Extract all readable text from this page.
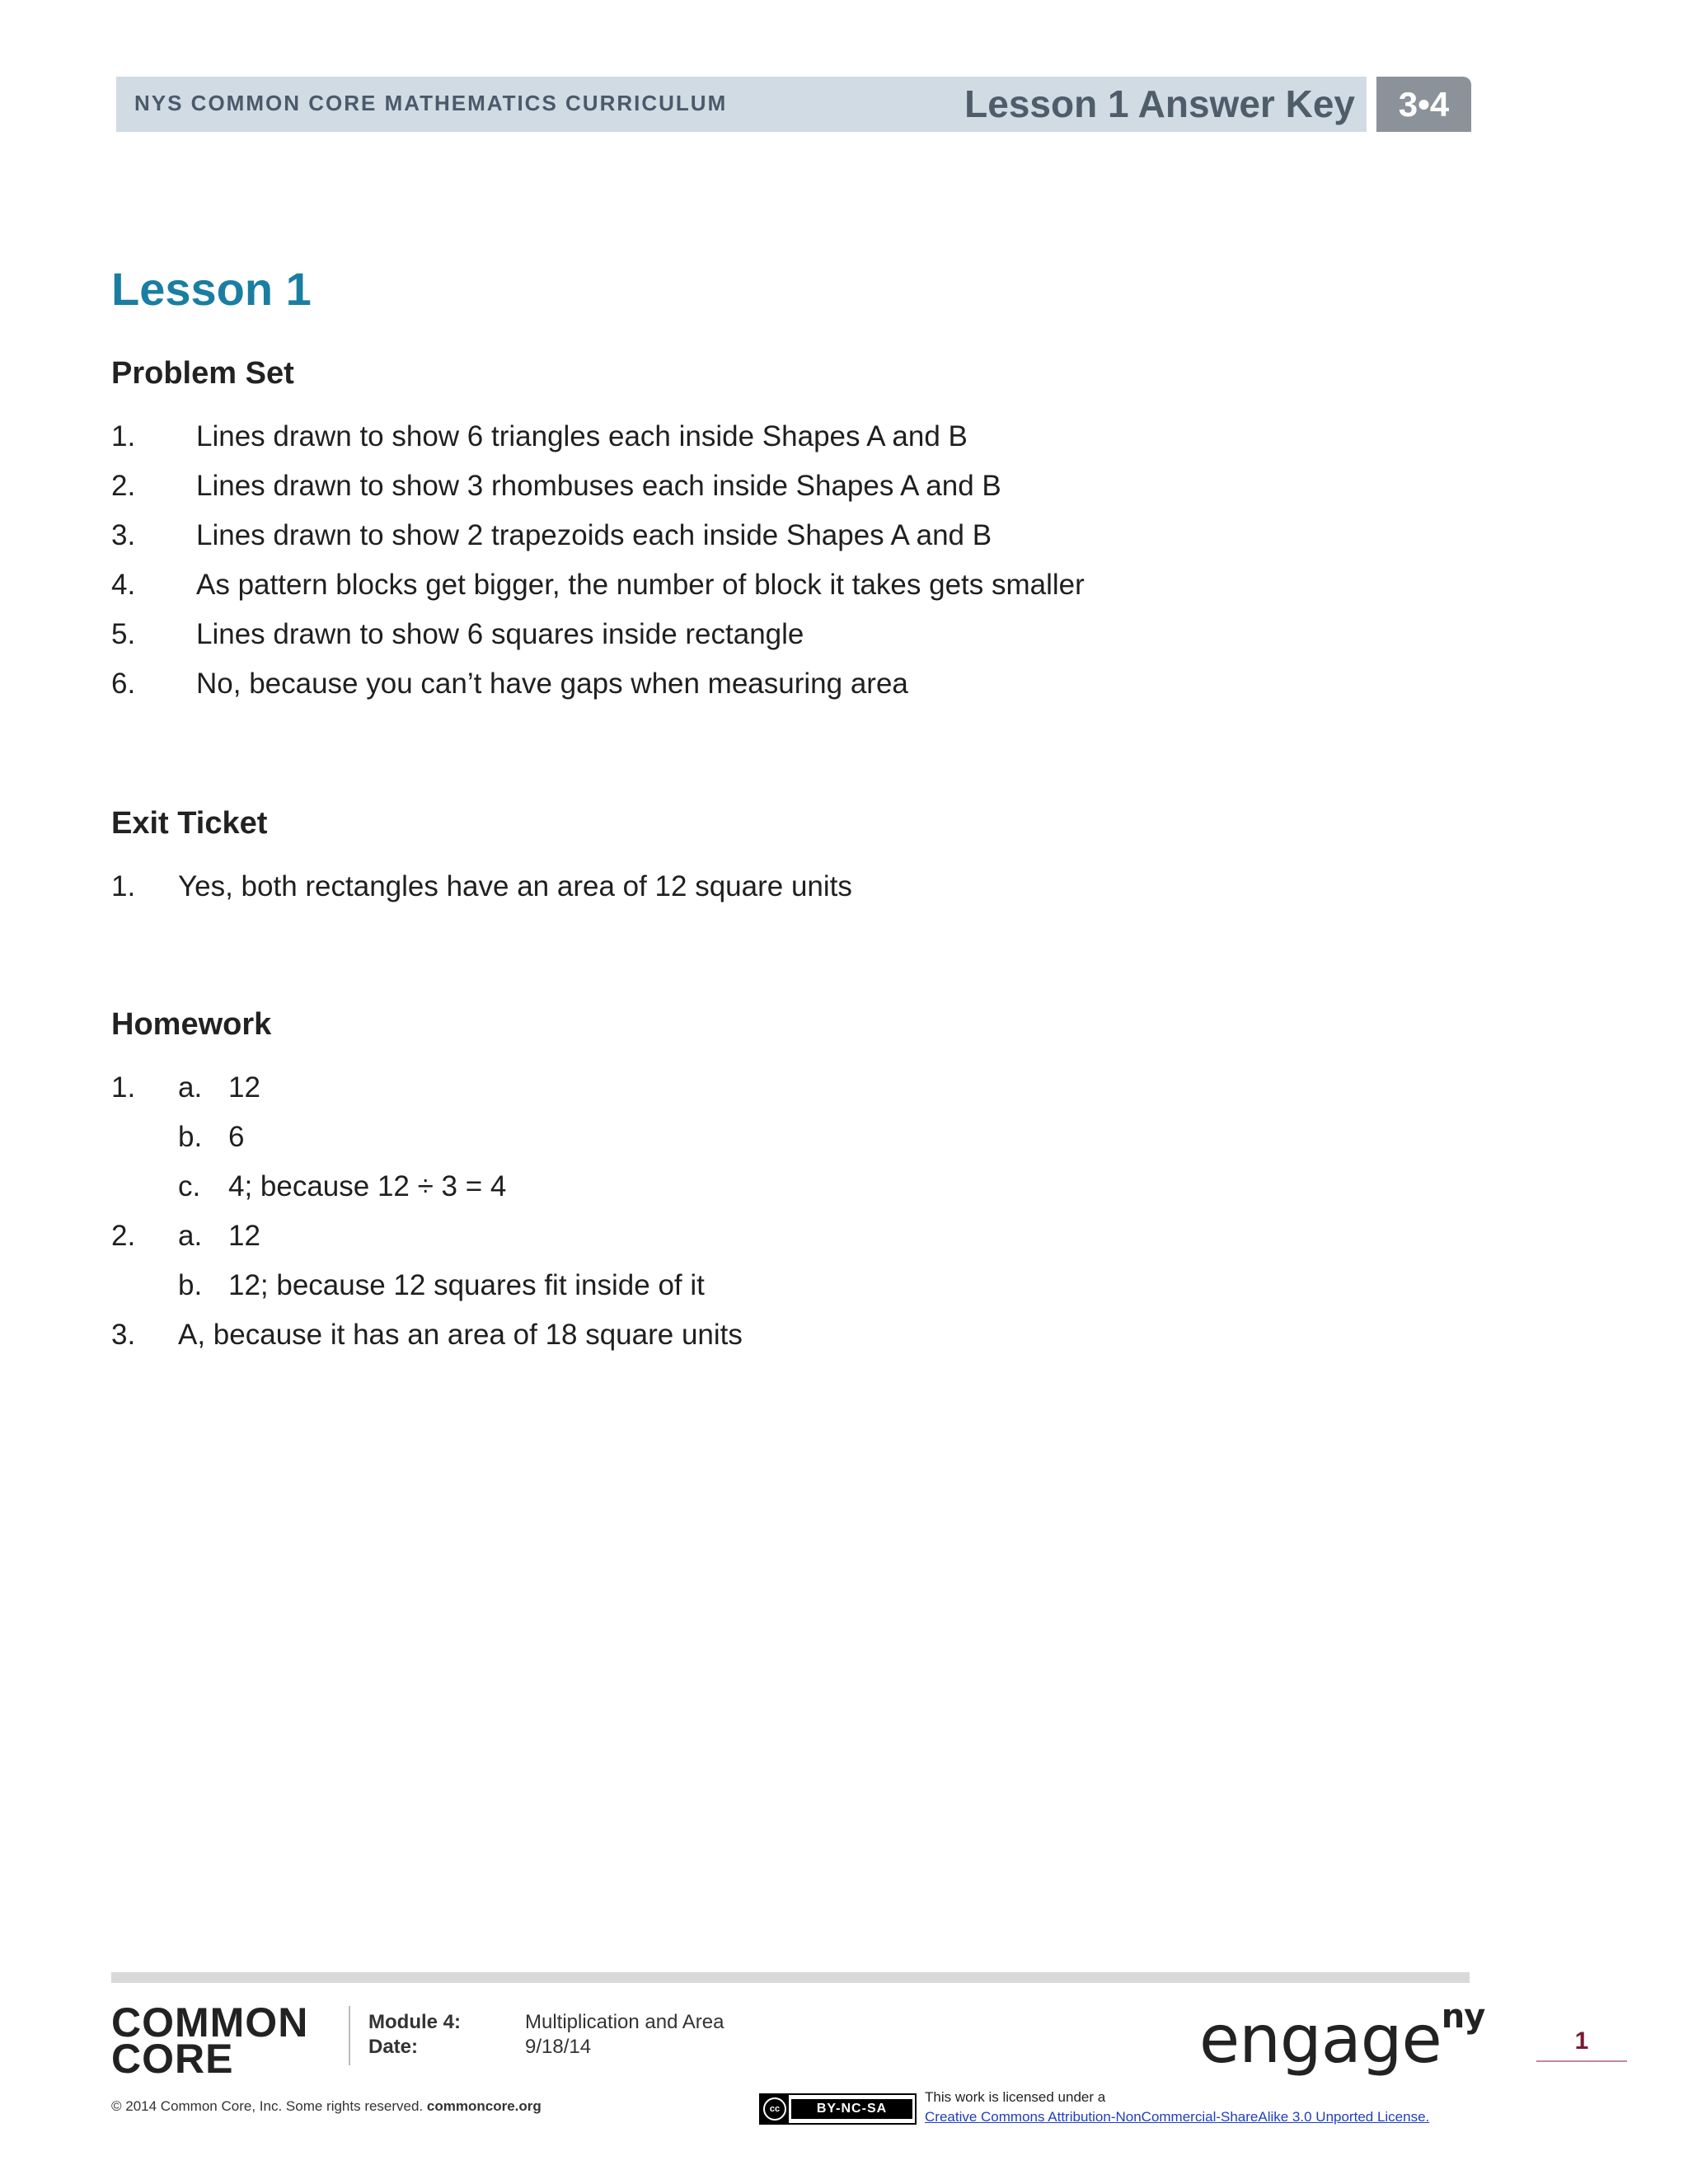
NYS COMMON CORE MATHEMATICS CURRICULUM	Lesson 1 Answer Key	3•4
Lesson 1
Problem Set
1. Lines drawn to show 6 triangles each inside Shapes A and B
2. Lines drawn to show 3 rhombuses each inside Shapes A and B
3. Lines drawn to show 2 trapezoids each inside Shapes A and B
4. As pattern blocks get bigger, the number of block it takes gets smaller
5. Lines drawn to show 6 squares inside rectangle
6. No, because you can’t have gaps when measuring area
Exit Ticket
1. Yes, both rectangles have an area of 12 square units
Homework
1. a. 12
b. 6
c. 4; because 12 ÷ 3 = 4
2. a. 12
b. 12; because 12 squares fit inside of it
3. A, because it has an area of 18 square units
COMMON
CORE
Module 4:	Multiplication and Area
Date:	9/18/14	engage$^{ny}$
1
© 2014 Common Core, Inc. Some rights reserved. commoncore.org	cc	BY-NC-SA
This work is licensed under a
Creative Commons Attribution-NonCommercial-ShareAlike 3.0 Unported License.
